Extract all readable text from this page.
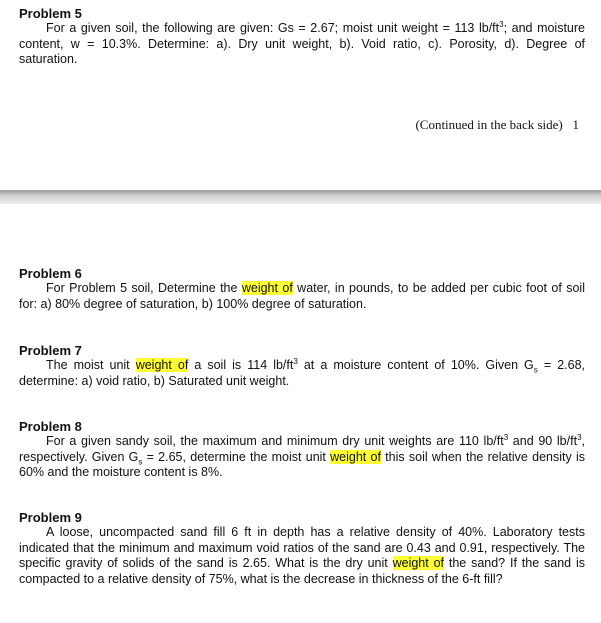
Problem 5

For a given soil, the following are given: Gs = 2.67; moist unit weight = 113 $lb/ft^3$; and moisture content, w = 10.3%. Determine: a). Dry unit weight, b). Void ratio, c). Porosity, d). Degree of saturation.

(Continued in the back side) 1
Problem 6

For Problem 5 soil, Determine the weight of water, in pounds, to be added per cubic foot of soil for: a) 80% degree of saturation, b) 100% degree of saturation.

Problem 7

The moist unit weight of a soil is 114 $lb/ft^3$ at a moisture content of 10%. Given $G_s = 2.68$, determine: a) void ratio, b) Saturated unit weight.

Problem 8

For a given sandy soil, the maximum and minimum dry unit weights are 110 $lb/ft^3$ and 90 $lb/ft^3$, respectively. Given $G_s = 2.65$, determine the moist unit weight of this soil when the relative density is 60% and the moisture content is 8%.

Problem 9

A loose, uncompacted sand fill 6 ft in depth has a relative density of 40%. Laboratory tests indicated that the minimum and maximum void ratios of the sand are 0.43 and 0.91, respectively. The specific gravity of solids of the sand is 2.65. What is the dry unit weight of the sand? If the sand is compacted to a relative density of 75%, what is the decrease in thickness of the 6-ft fill?
